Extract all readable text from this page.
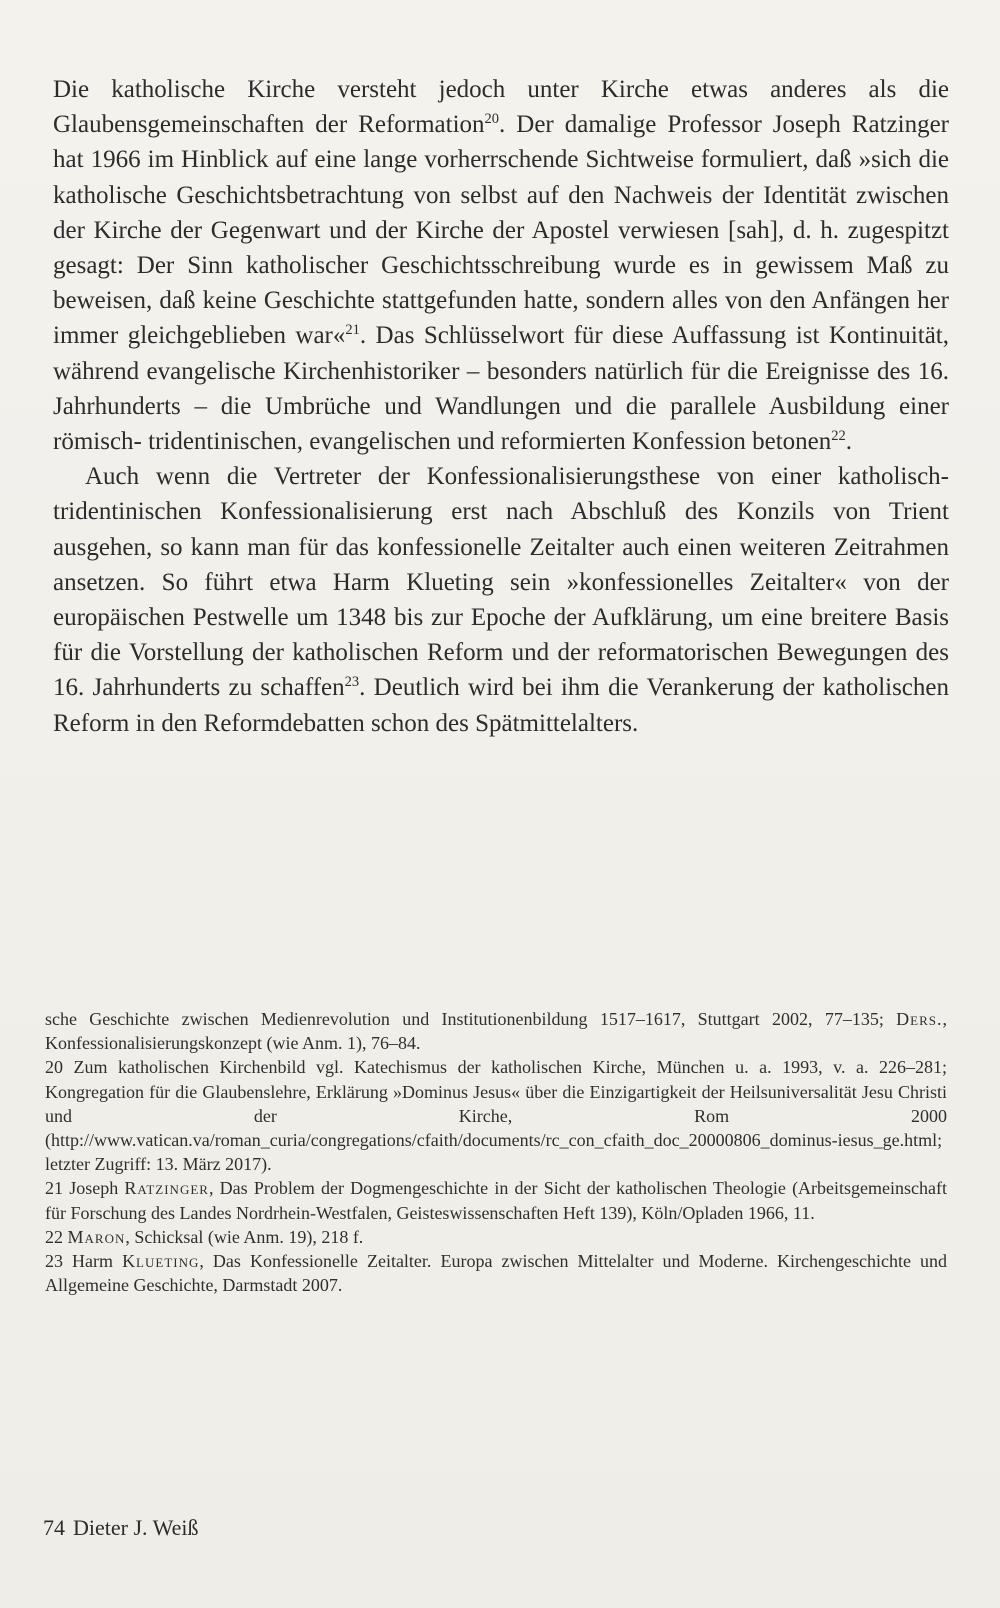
Die katholische Kirche versteht jedoch unter Kirche etwas anderes als die Glaubensgemeinschaften der Reformation$^{20}$. Der damalige Professor Joseph Ratzinger hat 1966 im Hinblick auf eine lange vorherrschende Sichtweise formuliert, daß »sich die katholische Geschichtsbetrachtung von selbst auf den Nachweis der Identität zwischen der Kirche der Gegenwart und der Kirche der Apostel verwiesen [sah], d. h. zugespitzt gesagt: Der Sinn katholischer Geschichtsschreibung wurde es in gewissem Maß zu beweisen, daß keine Geschichte stattgefunden hatte, sondern alles von den Anfängen her immer gleichgeblieben war«$^{21}$. Das Schlüsselwort für diese Auffassung ist Kontinuität, während evangelische Kirchenhistoriker – besonders natürlich für die Ereignisse des 16. Jahrhunderts – die Umbrüche und Wandlungen und die parallele Ausbildung einer römisch- tridentinischen, evangelischen und reformierten Konfession betonen$^{22}$.

Auch wenn die Vertreter der Konfessionalisierungsthese von einer katholisch-tridentinischen Konfessionalisierung erst nach Abschluß des Konzils von Trient ausgehen, so kann man für das konfessionelle Zeitalter auch einen weiteren Zeitrahmen ansetzen. So führt etwa Harm Klueting sein »konfessionelles Zeitalter« von der europäischen Pestwelle um 1348 bis zur Epoche der Aufklärung, um eine breitere Basis für die Vorstellung der katholischen Reform und der reformatorischen Bewegungen des 16. Jahrhunderts zu schaffen$^{23}$. Deutlich wird bei ihm die Verankerung der katholischen Reform in den Reformdebatten schon des Spätmittelalters.

sche Geschichte zwischen Medienrevolution und Institutionenbildung 1517–1617, Stuttgart 2002, 77–135; Ders., Konfessionalisierungskonzept (wie Anm. 1), 76–84.

20 Zum katholischen Kirchenbild vgl. Katechismus der katholischen Kirche, München u. a. 1993, v. a. 226–281; Kongregation für die Glaubenslehre, Erklärung »Dominus Jesus« über die Einzigartigkeit der Heilsuniversalität Jesu Christi und der Kirche, Rom 2000 (http://www.vatican.va/roman_curia/congregations/cfaith/documents/rc_con_cfaith_doc_20000806_dominus-iesus_ge.html; letzter Zugriff: 13. März 2017).

21 Joseph Ratzinger, Das Problem der Dogmengeschichte in der Sicht der katholischen Theologie (Arbeitsgemeinschaft für Forschung des Landes Nordrhein-Westfalen, Geisteswissenschaften Heft 139), Köln/Opladen 1966, 11.

22 Maron, Schicksal (wie Anm. 19), 218 f.

23 Harm Klueting, Das Konfessionelle Zeitalter. Europa zwischen Mittelalter und Moderne. Kirchengeschichte und Allgemeine Geschichte, Darmstadt 2007.

74 Dieter J. Weiß
